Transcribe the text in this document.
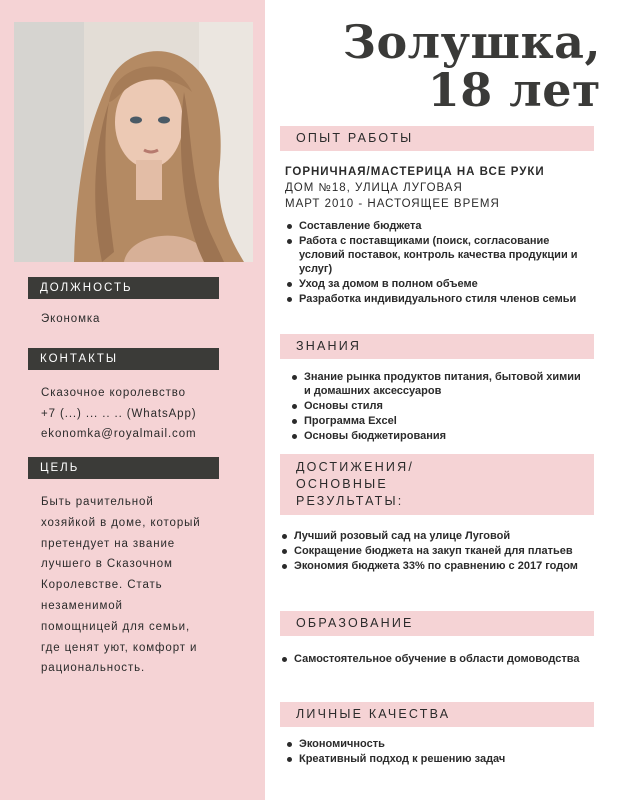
ДОЛЖНОСТЬ
Экономка
КОНТАКТЫ
Сказочное королевство
+7 (...) ... .. .. (WhatsApp)
ekonomka@royalmail.com
ЦЕЛЬ
Быть рачительной
хозяйкой в доме, который
претендует на звание
лучшего в Сказочном
Королевстве. Стать
незаменимой
помощницей для семьи,
где ценят уют, комфорт и
рациональность.
Золушка,
18 лет
ОПЫТ РАБОТЫ
ГОРНИЧНАЯ/МАСТЕРИЦА НА ВСЕ РУКИ
ДОМ №18, УЛИЦА ЛУГОВАЯ
МАРТ 2010 - НАСТОЯЩЕЕ ВРЕМЯ
Составление бюджета
Работа с поставщиками (поиск, согласование условий поставок, контроль качества продукции и услуг)
Уход за домом в полном объеме
Разработка индивидуального стиля членов семьи
ЗНАНИЯ
Знание рынка продуктов питания, бытовой химии и домашних аксессуаров
Основы стиля
Программа Excel
Основы бюджетирования
ДОСТИЖЕНИЯ/
ОСНОВНЫЕ
РЕЗУЛЬТАТЫ:
Лучший розовый сад на улице Луговой
Сокращение бюджета на закуп тканей для платьев
Экономия бюджета 33% по сравнению с 2017 годом
ОБРАЗОВАНИЕ
Самостоятельное обучение в области домоводства
ЛИЧНЫЕ КАЧЕСТВА
Экономичность
Креативный подход к решению задач
